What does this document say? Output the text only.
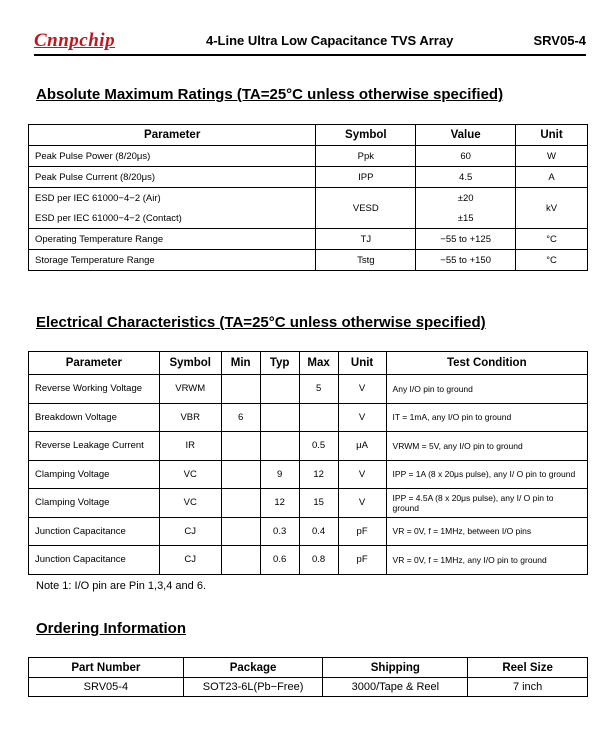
Cnnpchip	4-Line Ultra Low Capacitance TVS Array	SRV05-4
Absolute Maximum Ratings (TA=25°C unless otherwise specified)
Parameter	Symbol	Value	Unit
Peak Pulse Power (8/20μs)	Ppk	60	W
Peak Pulse Current (8/20μs)	IPP	4.5	A
ESD per IEC 61000−4−2 (Air)	VESD	±20	kV
ESD per IEC 61000−4−2 (Contact)		±15	
Operating Temperature Range	TJ	−55 to +125	°C
Storage Temperature Range	Tstg	−55 to +150	°C
Electrical Characteristics (TA=25°C unless otherwise specified)
Parameter	Symbol	Min	Typ	Max	Unit	Test Condition
Reverse Working Voltage	VRWM			5	V	Any I/O pin to ground
Breakdown Voltage	VBR	6			V	IT = 1mA, any I/O pin to ground
Reverse Leakage Current	IR			0.5	μA	VRWM = 5V, any I/O pin to ground
Clamping Voltage	VC		9	12	V	IPP = 1A (8 x 20μs pulse), any I/ O pin to ground
Clamping Voltage	VC		12	15	V	IPP = 4.5A (8 x 20μs pulse), any I/ O pin to ground
Junction Capacitance	CJ		0.3	0.4	pF	VR = 0V, f = 1MHz, between I/O pins
Junction Capacitance	CJ		0.6	0.8	pF	VR = 0V, f = 1MHz, any I/O pin to ground
Note 1: I/O pin are Pin 1,3,4 and 6.
Ordering Information
Part Number	Package	Shipping	Reel Size
SRV05-4	SOT23-6L(Pb−Free)	3000/Tape & Reel	7 inch
